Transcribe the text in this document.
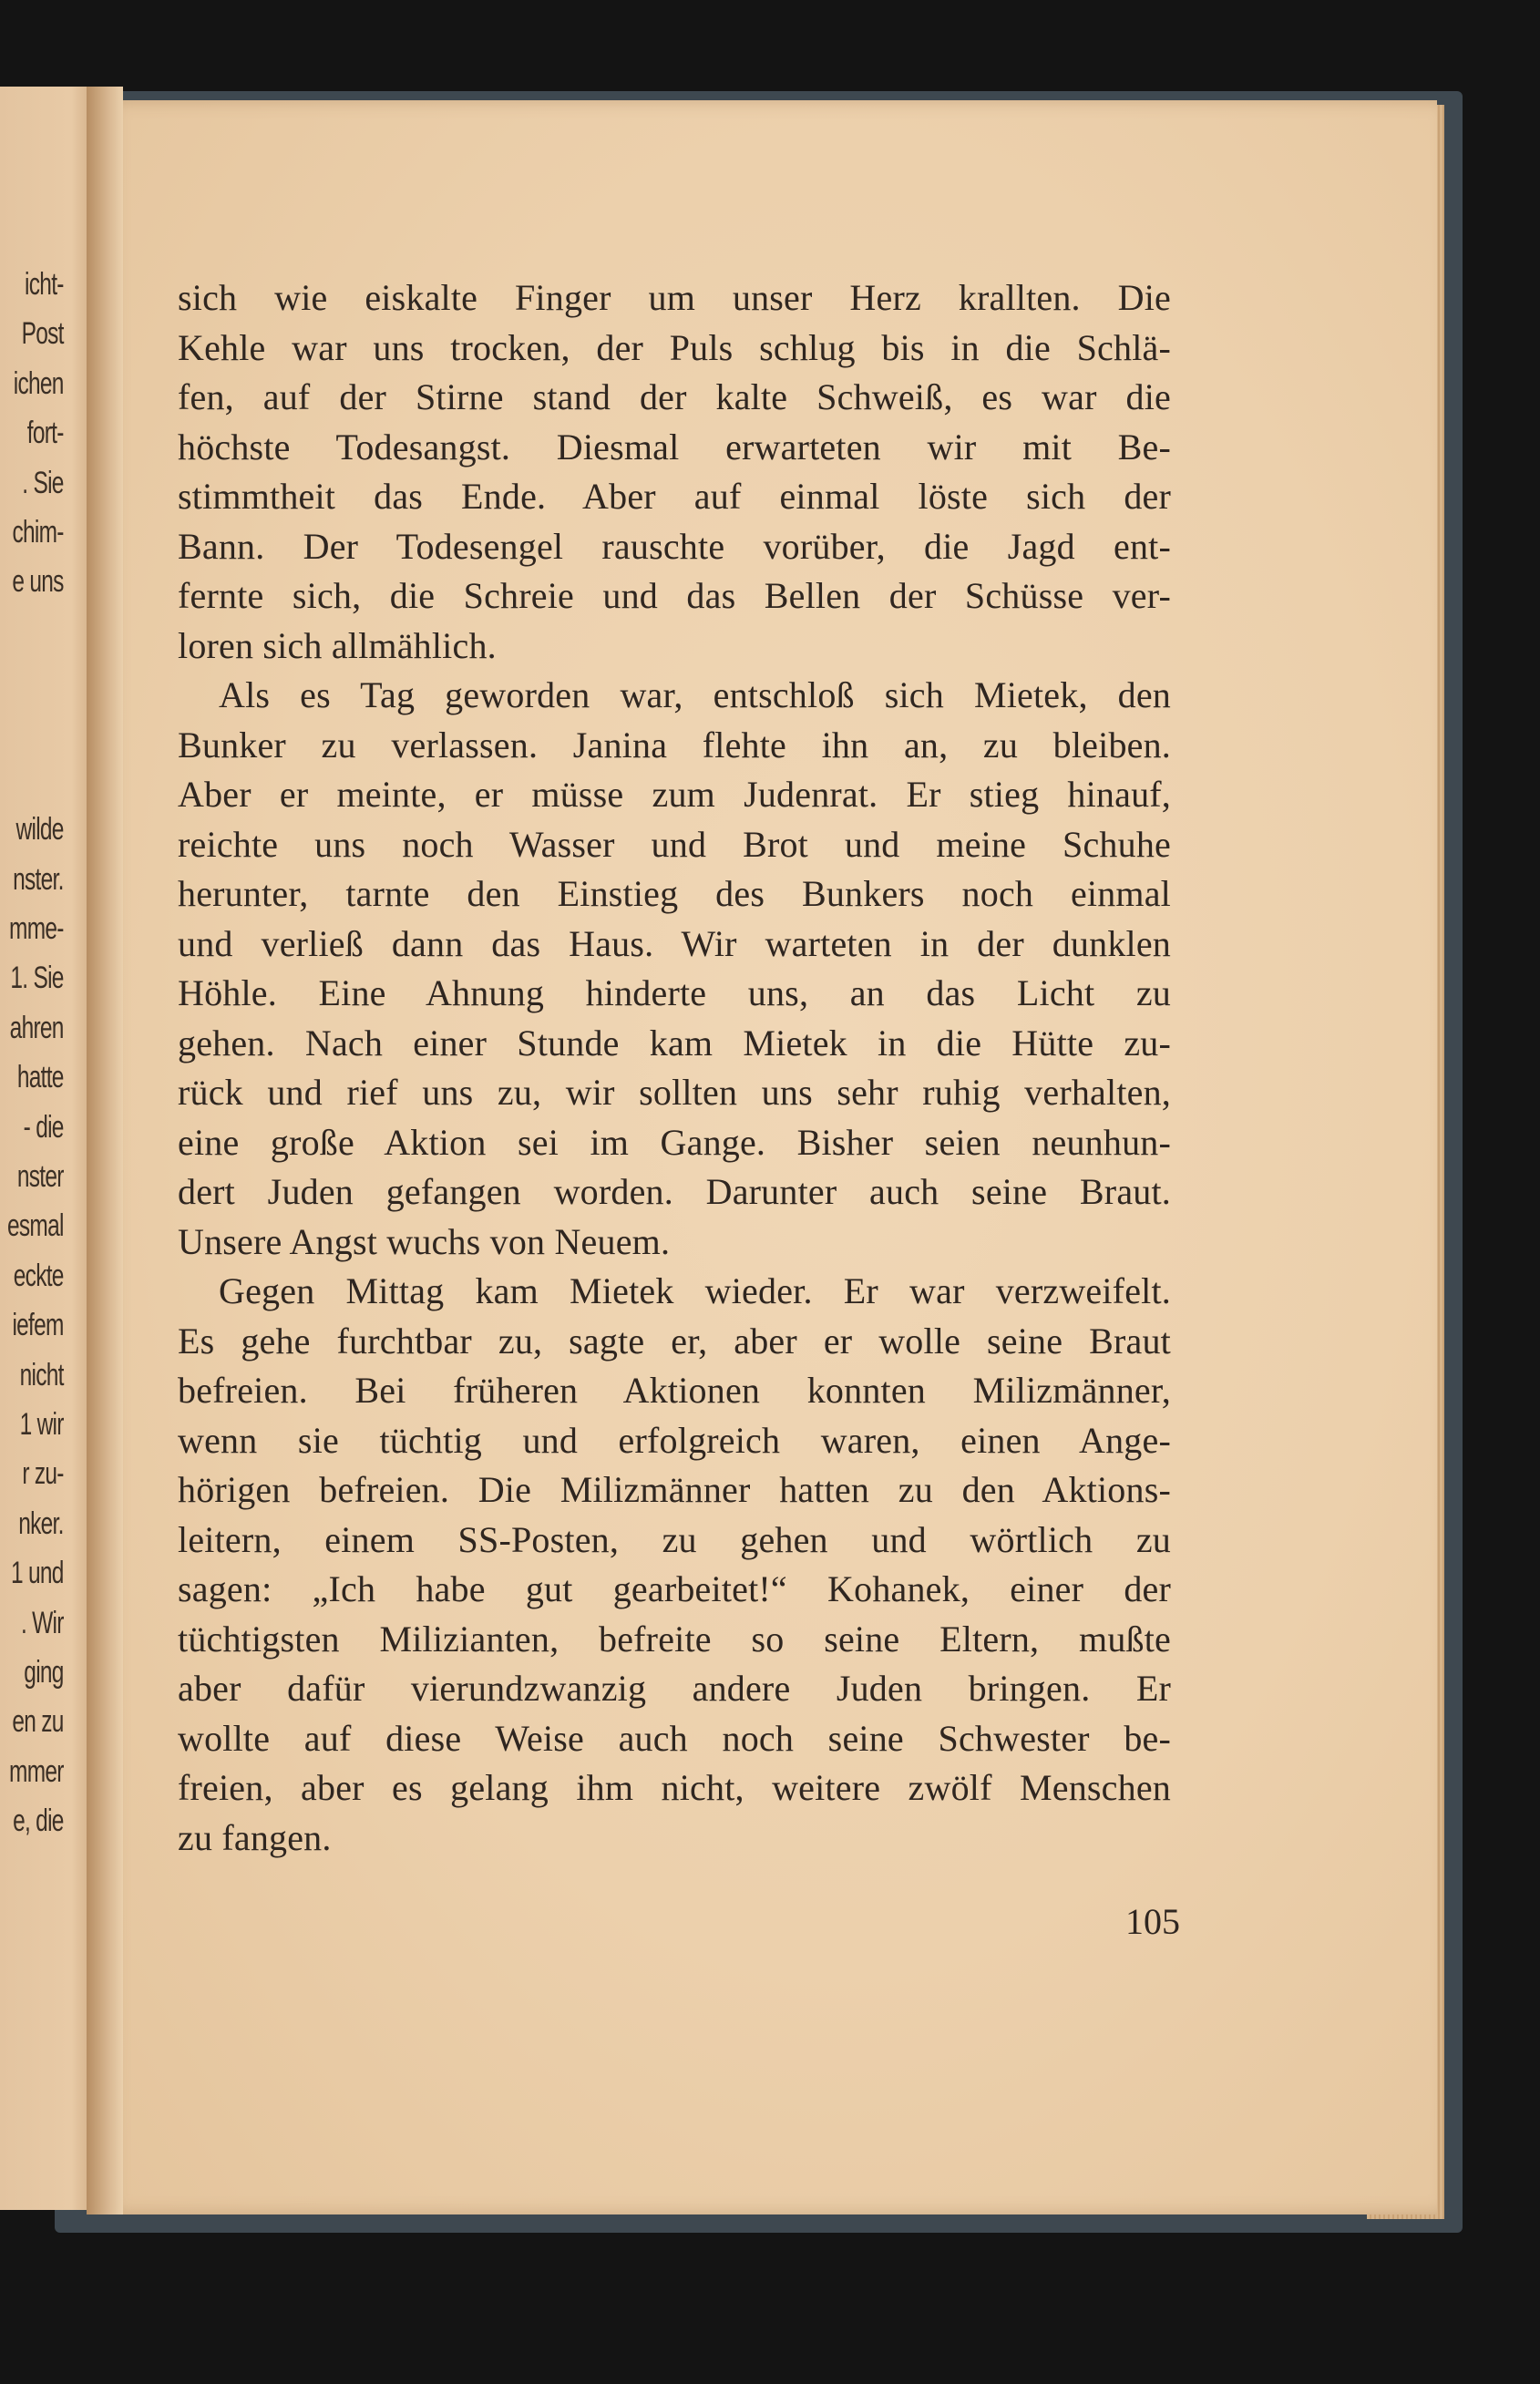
icht-
Post
ichen
fort-
. Sie
chim-
e uns
wilde
nster.
mme-
1. Sie
ahren
hatte
- die
nster
esmal
eckte
iefem
nicht
1 wir
r zu-
nker.
1 und
. Wir
ging
en zu
mmer
e, die
sich wie eiskalte Finger um unser Herz krallten. Die
Kehle war uns trocken, der Puls schlug bis in die Schlä-
fen, auf der Stirne stand der kalte Schweiß, es war die
höchste Todesangst. Diesmal erwarteten wir mit Be-
stimmtheit das Ende. Aber auf einmal löste sich der
Bann. Der Todesengel rauschte vorüber, die Jagd ent-
fernte sich, die Schreie und das Bellen der Schüsse ver-
loren sich allmählich.
Als es Tag geworden war, entschloß sich Mietek, den
Bunker zu verlassen. Janina flehte ihn an, zu bleiben.
Aber er meinte, er müsse zum Judenrat. Er stieg hinauf,
reichte uns noch Wasser und Brot und meine Schuhe
herunter, tarnte den Einstieg des Bunkers noch einmal
und verließ dann das Haus. Wir warteten in der dunklen
Höhle. Eine Ahnung hinderte uns, an das Licht zu
gehen. Nach einer Stunde kam Mietek in die Hütte zu-
rück und rief uns zu, wir sollten uns sehr ruhig verhalten,
eine große Aktion sei im Gange. Bisher seien neunhun-
dert Juden gefangen worden. Darunter auch seine Braut.
Unsere Angst wuchs von Neuem.
Gegen Mittag kam Mietek wieder. Er war verzweifelt.
Es gehe furchtbar zu, sagte er, aber er wolle seine Braut
befreien. Bei früheren Aktionen konnten Milizmänner,
wenn sie tüchtig und erfolgreich waren, einen Ange-
hörigen befreien. Die Milizmänner hatten zu den Aktions-
leitern, einem SS-Posten, zu gehen und wörtlich zu
sagen: „Ich habe gut gearbeitet!“ Kohanek, einer der
tüchtigsten Milizianten, befreite so seine Eltern, mußte
aber dafür vierundzwanzig andere Juden bringen. Er
wollte auf diese Weise auch noch seine Schwester be-
freien, aber es gelang ihm nicht, weitere zwölf Menschen
zu fangen.
105
